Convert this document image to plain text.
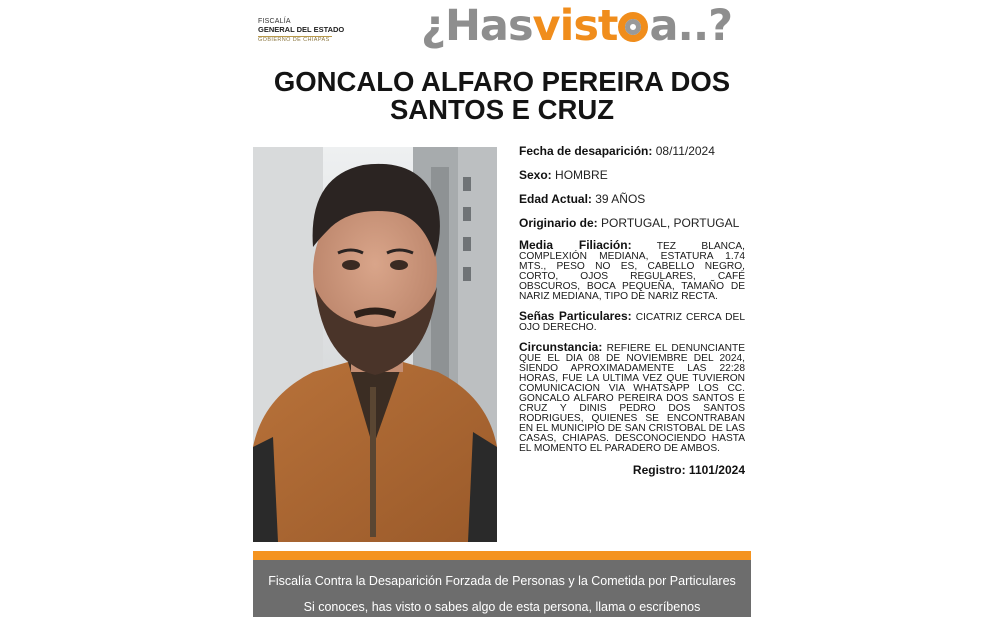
FISCALÍA
GENERAL DEL ESTADO
GOBIERNO DE CHIAPAS	¿Hasvist a..?
GONCALO ALFARO PEREIRA DOS
SANTOS E CRUZ
Fecha de desaparición: 08/11/2024
Sexo: HOMBRE
Edad Actual: 39 AÑOS
Originario de: PORTUGAL, PORTUGAL
Media Filiación: TEZ BLANCA, COMPLEXIÓN MEDIANA, ESTATURA 1.74 MTS., PESO NO ES, CABELLO NEGRO, CORTO, OJOS REGULARES, CAFÉ OBSCUROS, BOCA PEQUEÑA, TAMAÑO DE NARIZ MEDIANA, TIPO DE NARIZ RECTA.
Señas Particulares: CICATRIZ CERCA DEL OJO DERECHO.
Circunstancia: REFIERE EL DENUNCIANTE QUE EL DIA 08 DE NOVIEMBRE DEL 2024, SIENDO APROXIMADAMENTE LAS 22:28 HORAS, FUE LA ULTIMA VEZ QUE TUVIERON COMUNICACION VIA WHATSAPP LOS CC. GONCALO ALFARO PEREIRA DOS SANTOS E CRUZ Y DINIS PEDRO DOS SANTOS RODRIGUES, QUIENES SE ENCONTRABAN EN EL MUNICIPIO DE SAN CRISTOBAL DE LAS CASAS, CHIAPAS. DESCONOCIENDO HASTA EL MOMENTO EL PARADERO DE AMBOS.
Registro: 1101/2024
Fiscalía Contra la Desaparición Forzada de Personas y la Cometida por Particulares
Si conoces, has visto o sabes algo de esta persona, llama o escríbenos
